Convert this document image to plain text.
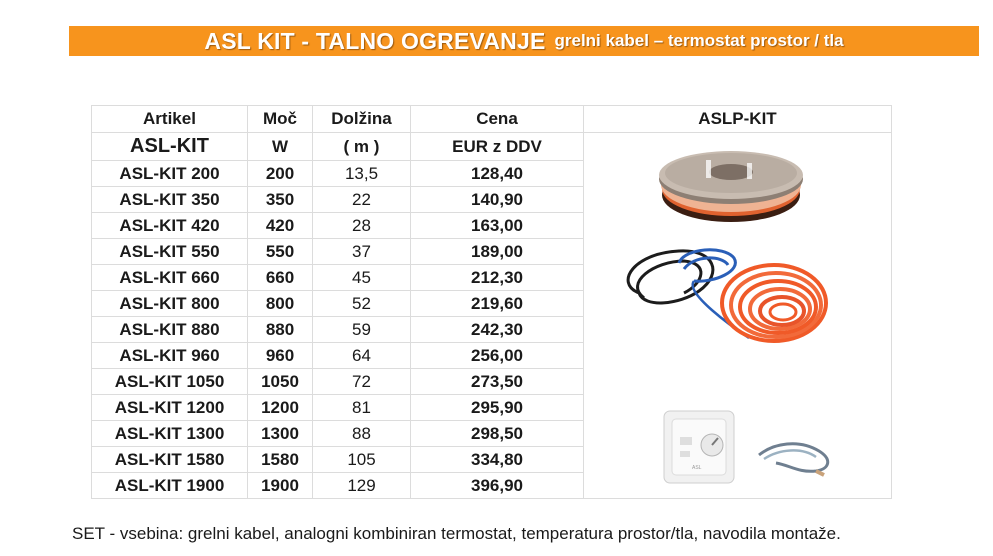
ASL KIT - TALNO OGREVANJE grelni kabel – termostat prostor / tla
Artikel	Moč	Dolžina	Cena	ASLP-KIT
ASL-KIT	W	( m )	EUR z DDV	ASL

ASL-KIT 200	200	13,5	128,40	
ASL-KIT 350	350	22	140,90	
ASL-KIT 420	420	28	163,00	
ASL-KIT 550	550	37	189,00	
ASL-KIT 660	660	45	212,30	
ASL-KIT 800	800	52	219,60	
ASL-KIT 880	880	59	242,30	
ASL-KIT 960	960	64	256,00	
ASL-KIT 1050	1050	72	273,50	
ASL-KIT 1200	1200	81	295,90	
ASL-KIT 1300	1300	88	298,50	
ASL-KIT 1580	1580	105	334,80	
ASL-KIT 1900	1900	129	396,90	
SET - vsebina: grelni kabel, analogni kombiniran termostat, temperatura prostor/tla, navodila montaže.
